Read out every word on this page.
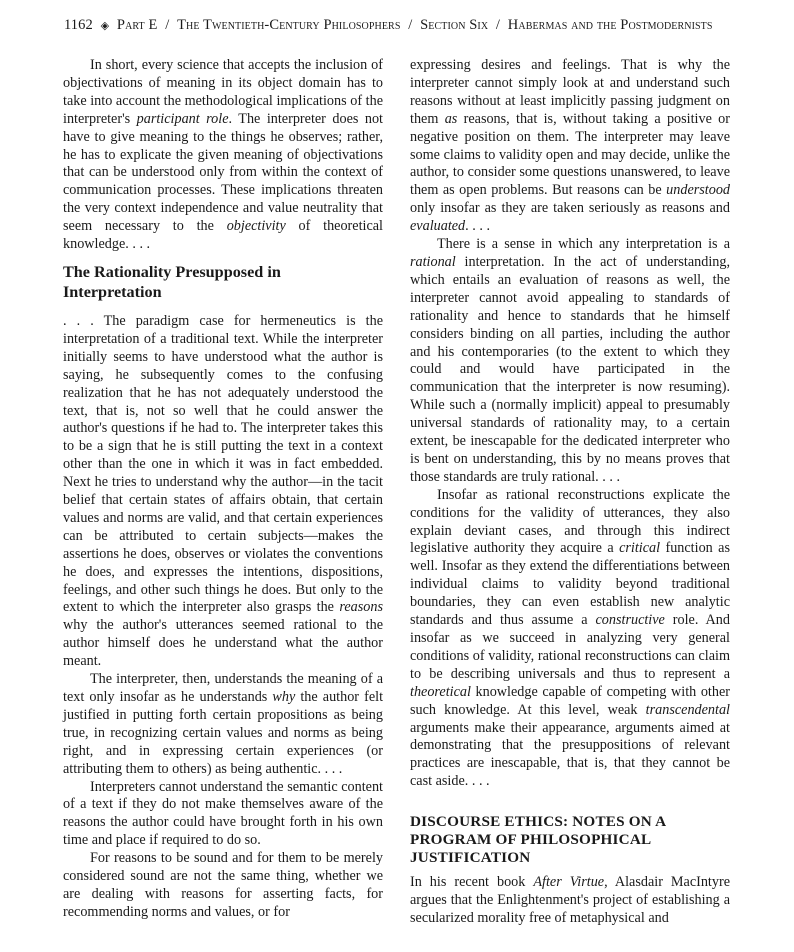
1162 ◈ Part E / The Twentieth-Century Philosophers / Section Six / Habermas and the Postmodernists

In short, every science that accepts the inclusion of objectivations of meaning in its object domain has to take into account the methodological implications of the interpreter's participant role. The interpreter does not have to give meaning to the things he observes; rather, he has to explicate the given meaning of objectivations that can be understood only from within the context of communication processes. These implications threaten the very context independence and value neutrality that seem necessary to the objectivity of theoretical knowledge. . . .

The Rationality Presupposed in Interpretation

. . . The paradigm case for hermeneutics is the interpretation of a traditional text. While the interpreter initially seems to have understood what the author is saying, he subsequently comes to the confusing realization that he has not adequately understood the text, that is, not so well that he could answer the author's questions if he had to. The interpreter takes this to be a sign that he is still putting the text in a context other than the one in which it was in fact embedded. Next he tries to understand why the author—in the tacit belief that certain states of affairs obtain, that certain values and norms are valid, and that certain experiences can be attributed to certain subjects—makes the assertions he does, observes or violates the conventions he does, and expresses the intentions, dispositions, feelings, and other such things he does. But only to the extent to which the interpreter also grasps the reasons why the author's utterances seemed rational to the author himself does he understand what the author meant.

The interpreter, then, understands the meaning of a text only insofar as he understands why the author felt justified in putting forth certain propositions as being true, in recognizing certain values and norms as being right, and in expressing certain experiences (or attributing them to others) as being authentic. . . .

Interpreters cannot understand the semantic content of a text if they do not make themselves aware of the reasons the author could have brought forth in his own time and place if required to do so.

For reasons to be sound and for them to be merely considered sound are not the same thing, whether we are dealing with reasons for asserting facts, for recommending norms and values, or for

expressing desires and feelings. That is why the interpreter cannot simply look at and understand such reasons without at least implicitly passing judgment on them as reasons, that is, without taking a positive or negative position on them. The interpreter may leave some claims to validity open and may decide, unlike the author, to consider some questions unanswered, to leave them as open problems. But reasons can be understood only insofar as they are taken seriously as reasons and evaluated. . . .

There is a sense in which any interpretation is a rational interpretation. In the act of understanding, which entails an evaluation of reasons as well, the interpreter cannot avoid appealing to standards of rationality and hence to standards that he himself considers binding on all parties, including the author and his contemporaries (to the extent to which they could and would have participated in the communication that the interpreter is now resuming). While such a (normally implicit) appeal to presumably universal standards of rationality may, to a certain extent, be inescapable for the dedicated interpreter who is bent on understanding, this by no means proves that those standards are truly rational. . . .

Insofar as rational reconstructions explicate the conditions for the validity of utterances, they also explain deviant cases, and through this indirect legislative authority they acquire a critical function as well. Insofar as they extend the differentiations between individual claims to validity beyond traditional boundaries, they can even establish new analytic standards and thus assume a constructive role. And insofar as we succeed in analyzing very general conditions of validity, rational reconstructions can claim to be describing universals and thus to represent a theoretical knowledge capable of competing with other such knowledge. At this level, weak transcendental arguments make their appearance, arguments aimed at demonstrating that the presuppositions of relevant practices are inescapable, that is, that they cannot be cast aside. . . .

DISCOURSE ETHICS: NOTES ON A PROGRAM OF PHILOSOPHICAL JUSTIFICATION

In his recent book After Virtue, Alasdair MacIntyre argues that the Enlightenment's project of establishing a secularized morality free of metaphysical and
